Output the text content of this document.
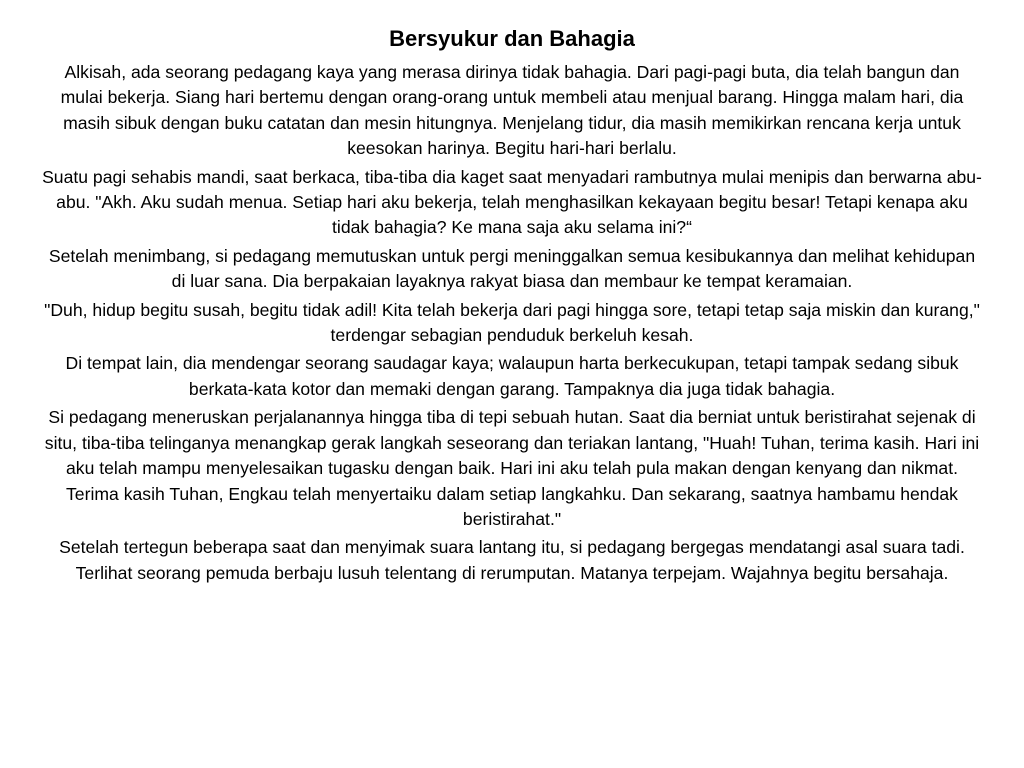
Bersyukur dan Bahagia

Alkisah, ada seorang pedagang kaya yang merasa dirinya tidak bahagia. Dari pagi-pagi buta, dia telah bangun dan mulai bekerja. Siang hari bertemu dengan orang-orang untuk membeli atau menjual barang. Hingga malam hari, dia masih sibuk dengan buku catatan dan mesin hitungnya. Menjelang tidur, dia masih memikirkan rencana kerja untuk keesokan harinya. Begitu hari-hari berlalu.

Suatu pagi sehabis mandi, saat berkaca, tiba-tiba dia kaget saat menyadari rambutnya mulai menipis dan berwarna abu-abu. "Akh. Aku sudah menua. Setiap hari aku bekerja, telah menghasilkan kekayaan begitu besar! Tetapi kenapa aku tidak bahagia? Ke mana saja aku selama ini?“

Setelah menimbang, si pedagang memutuskan untuk pergi meninggalkan semua kesibukannya dan melihat kehidupan di luar sana. Dia berpakaian layaknya rakyat biasa dan membaur ke tempat keramaian.

"Duh, hidup begitu susah, begitu tidak adil! Kita telah bekerja dari pagi hingga sore, tetapi tetap saja miskin dan kurang," terdengar sebagian penduduk berkeluh kesah.

Di tempat lain, dia mendengar seorang saudagar kaya; walaupun harta berkecukupan, tetapi tampak sedang sibuk berkata-kata kotor dan memaki dengan garang. Tampaknya dia juga tidak bahagia.

Si pedagang meneruskan perjalanannya hingga tiba di tepi sebuah hutan. Saat dia berniat untuk beristirahat sejenak di situ, tiba-tiba telinganya menangkap gerak langkah seseorang dan teriakan lantang, "Huah! Tuhan, terima kasih. Hari ini aku telah mampu menyelesaikan tugasku dengan baik. Hari ini aku telah pula makan dengan kenyang dan nikmat. Terima kasih Tuhan, Engkau telah menyertaiku dalam setiap langkahku. Dan sekarang, saatnya hambamu hendak beristirahat."

Setelah tertegun beberapa saat dan menyimak suara lantang itu, si pedagang bergegas mendatangi asal suara tadi. Terlihat seorang pemuda berbaju lusuh telentang di rerumputan. Matanya terpejam. Wajahnya begitu bersahaja.
